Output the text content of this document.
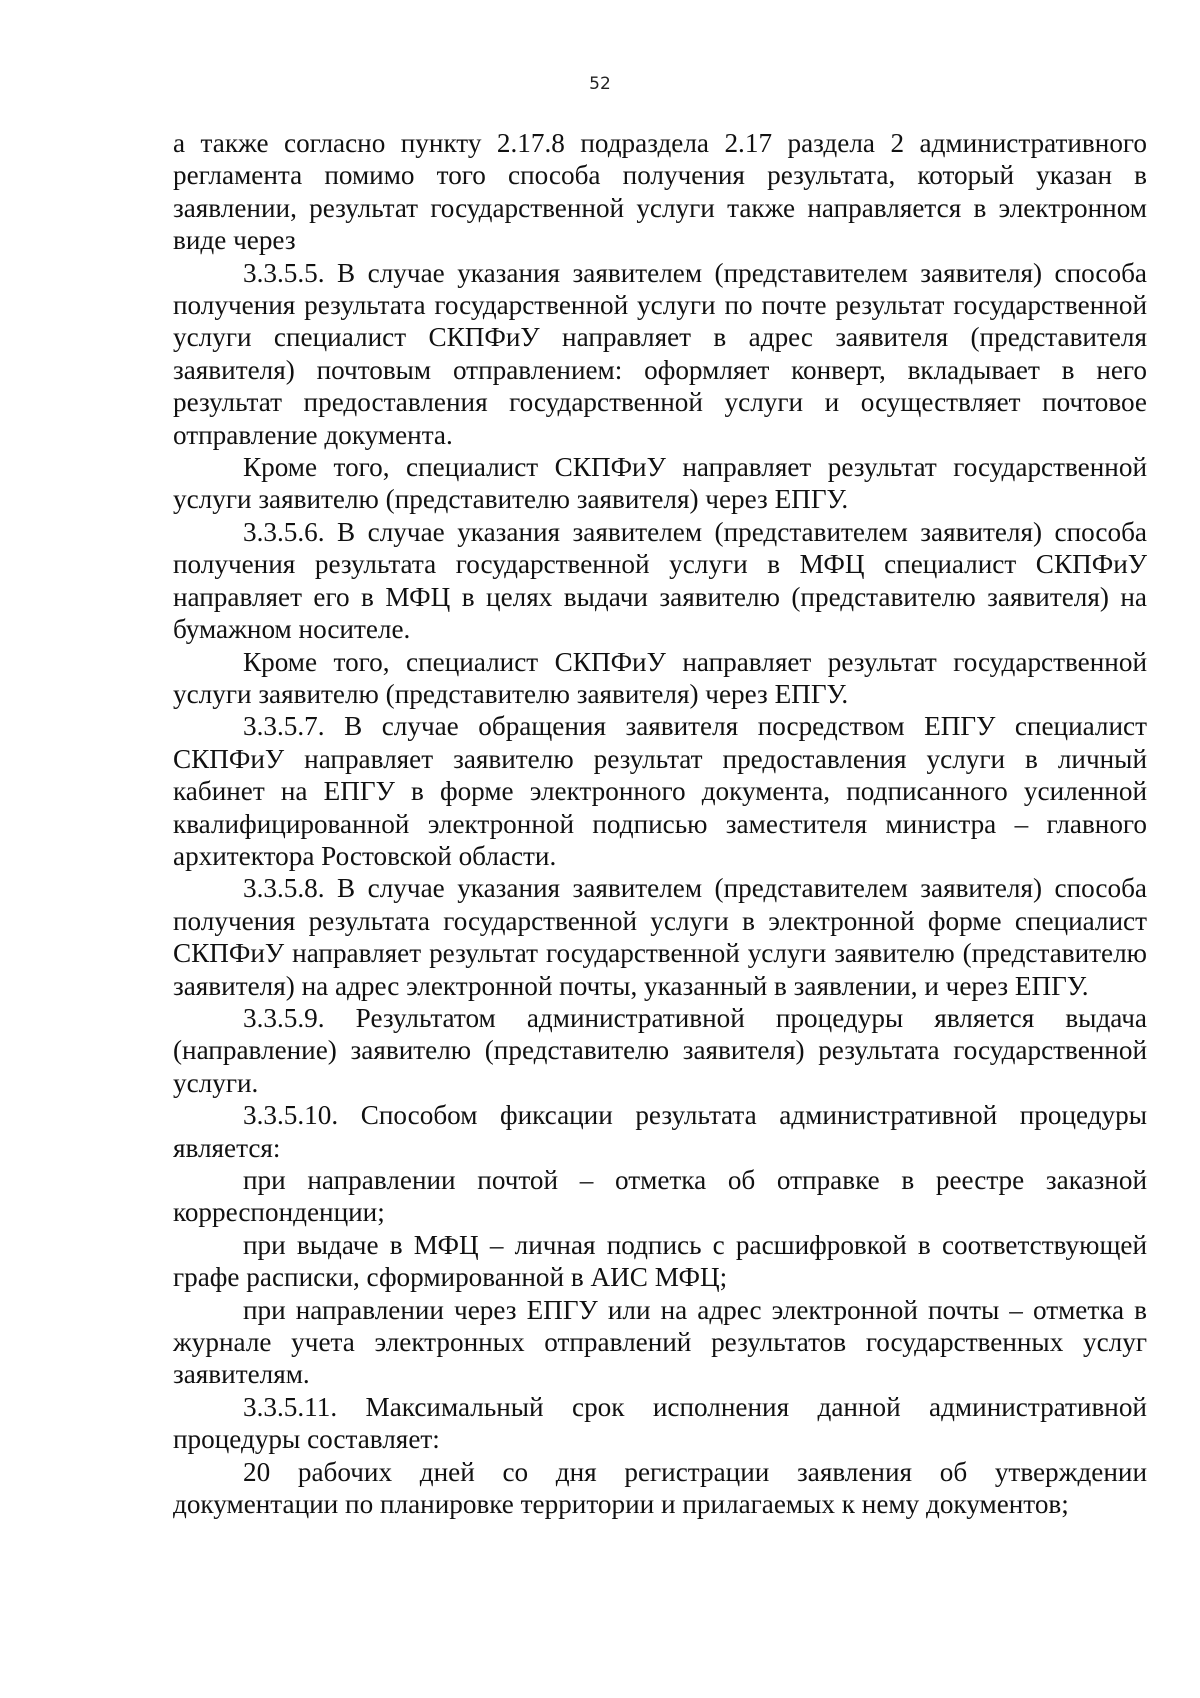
52

а также согласно пункту 2.17.8 подраздела 2.17 раздела 2 административного регламента помимо того способа получения результата, который указан в заявлении, результат государственной услуги также направляется в электронном виде через

3.3.5.5. В случае указания заявителем (представителем заявителя) способа получения результата государственной услуги по почте результат государственной услуги специалист СКПФиУ направляет в адрес заявителя (представителя заявителя) почтовым отправлением: оформляет конверт, вкладывает в него результат предоставления государственной услуги и осуществляет почтовое отправление документа.

Кроме того, специалист СКПФиУ направляет результат государственной услуги заявителю (представителю заявителя) через ЕПГУ.

3.3.5.6. В случае указания заявителем (представителем заявителя) способа получения результата государственной услуги в МФЦ специалист СКПФиУ направляет его в МФЦ в целях выдачи заявителю (представителю заявителя) на бумажном носителе.

Кроме того, специалист СКПФиУ направляет результат государственной услуги заявителю (представителю заявителя) через ЕПГУ.

3.3.5.7. В случае обращения заявителя посредством ЕПГУ специалист СКПФиУ направляет заявителю результат предоставления услуги в личный кабинет на ЕПГУ в форме электронного документа, подписанного усиленной квалифицированной электронной подписью заместителя министра – главного архитектора Ростовской области.

3.3.5.8. В случае указания заявителем (представителем заявителя) способа получения результата государственной услуги в электронной форме специалист СКПФиУ направляет результат государственной услуги заявителю (представителю заявителя) на адрес электронной почты, указанный в заявлении, и через ЕПГУ.

3.3.5.9. Результатом административной процедуры является выдача (направление) заявителю (представителю заявителя) результата государственной услуги.

3.3.5.10. Способом фиксации результата административной процедуры является:

при направлении почтой – отметка об отправке в реестре заказной корреспонденции;

при выдаче в МФЦ – личная подпись с расшифровкой в соответствующей графе расписки, сформированной в АИС МФЦ;

при направлении через ЕПГУ или на адрес электронной почты – отметка в журнале учета электронных отправлений результатов государственных услуг заявителям.

3.3.5.11. Максимальный срок исполнения данной административной процедуры составляет:

20 рабочих дней со дня регистрации заявления об утверждении документации по планировке территории и прилагаемых к нему документов;
